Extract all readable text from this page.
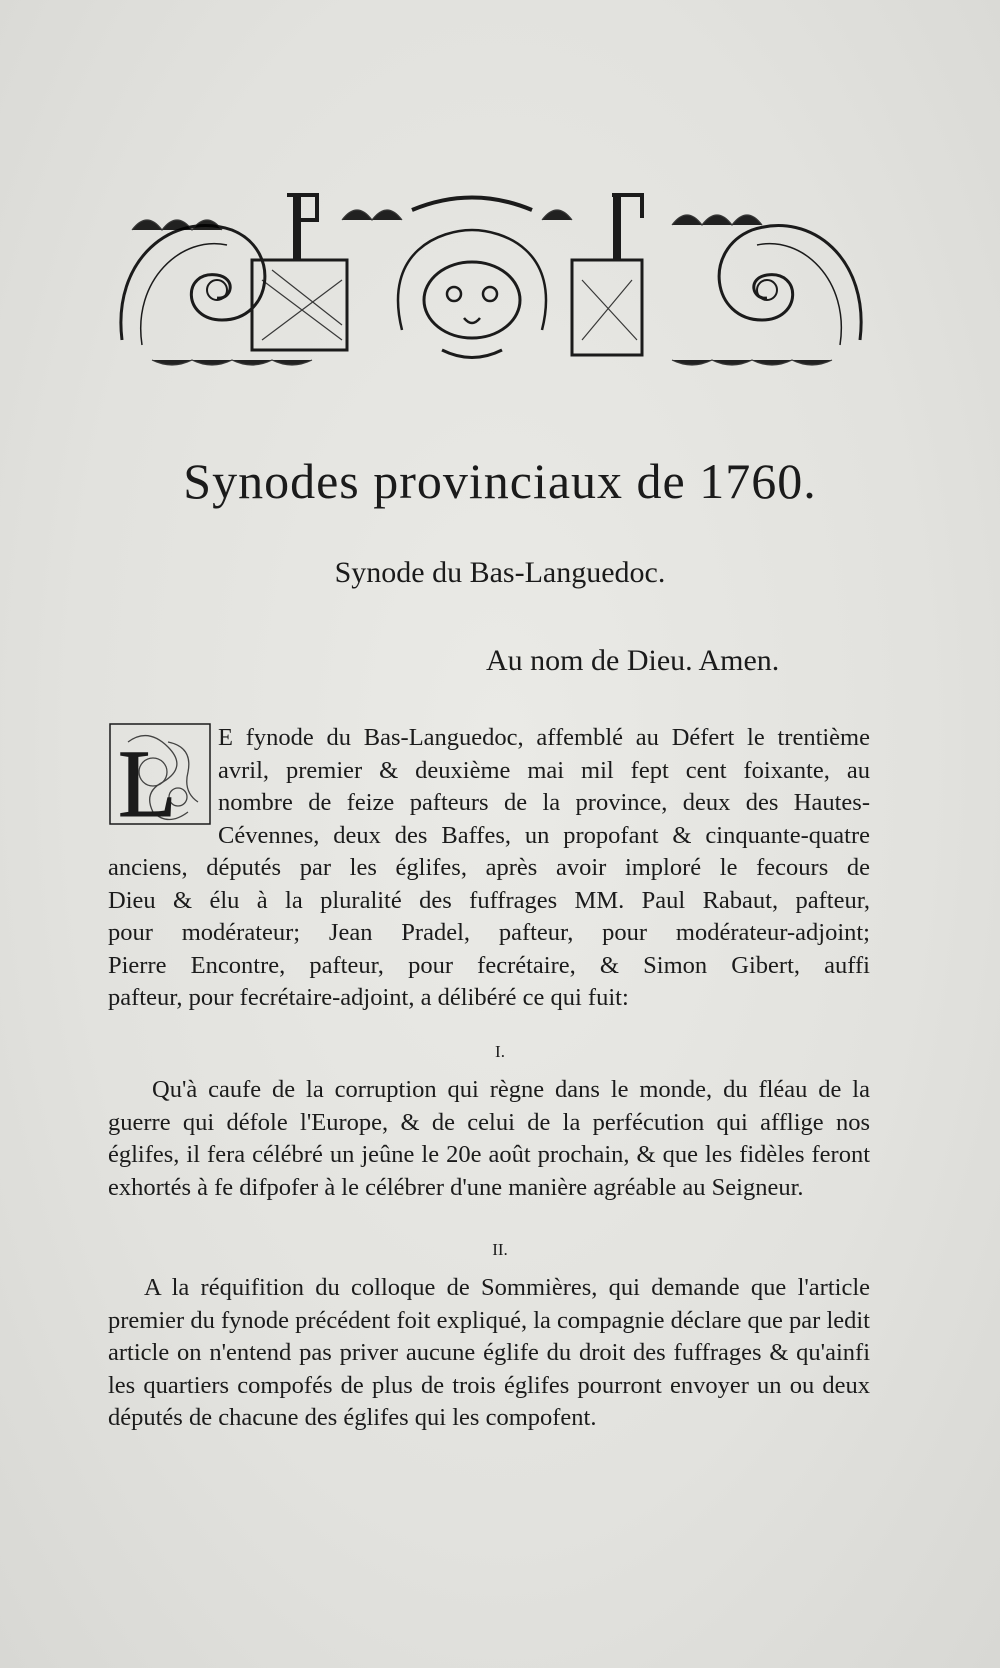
Synodes provinciaux de 1760.
Synode du Bas-Languedoc.

Au nom de Dieu. Amen.

L	E fynode du Bas-Languedoc, affemblé au Défert le trentième
avril, premier & deuxième mai mil fept cent foixante, au
nombre de feize pafteurs de la province, deux des Hautes-
Cévennes, deux des Baffes, un propofant & cinquante-quatre
anciens, députés par les églifes, après avoir imploré le fecours de
Dieu & élu à la pluralité des fuffrages MM. Paul Rabaut, pafteur,
pour modérateur; Jean Pradel, pafteur, pour modérateur-adjoint;
Pierre Encontre, pafteur, pour fecrétaire, & Simon Gibert, auffi
pafteur, pour fecrétaire-adjoint, a délibéré ce qui fuit:

I.

Qu'à caufe de la corruption qui règne dans le monde, du fléau de la guerre qui défole l'Europe, & de celui de la perfécution qui afflige nos églifes, il fera célébré un jeûne le 20e août prochain, & que les fidèles feront exhortés à fe difpofer à le célébrer d'une manière agréable au Seigneur.

II.

A la réquifition du colloque de Sommières, qui demande que l'article premier du fynode précédent foit expliqué, la compagnie déclare que par ledit article on n'entend pas priver aucune églife du droit des fuffrages & qu'ainfi les quartiers compofés de plus de trois églifes pourront envoyer un ou deux députés de chacune des églifes qui les compofent.
